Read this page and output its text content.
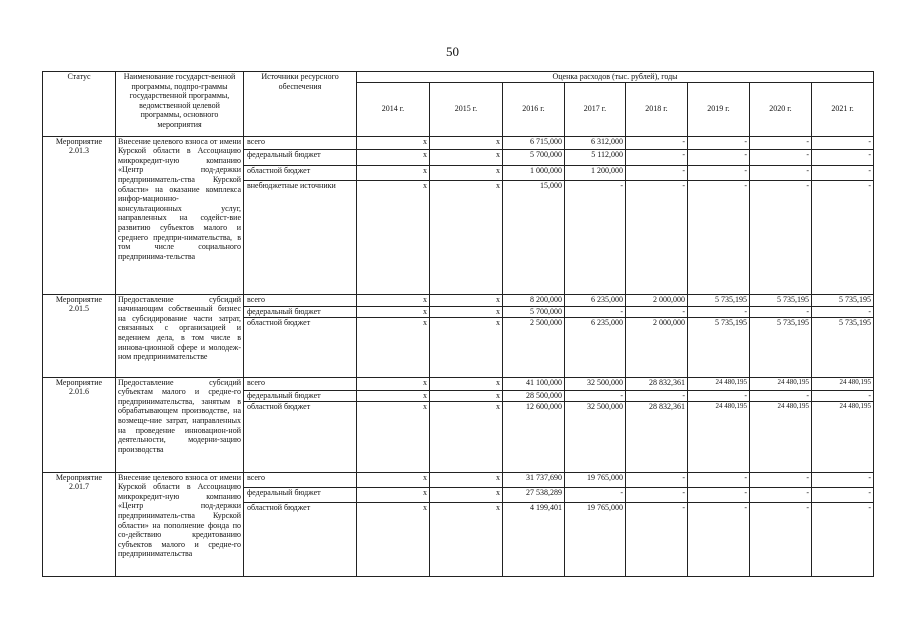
50
Статус	Наименование государст-венной программы, подпро-граммы государственной программы, ведомственной целевой программы, основного мероприятия	Источники ресурсного обеспечения	Оценка расходов (тыс. рублей), годы							
			2014 г.	2015 г.	2016 г.	2017 г.	2018 г.	2019 г.	2020 г.	2021 г.
Мероприятие 2.01.3	Внесение целевого взноса от имени Курской области в Ассоциацию микрокредит-ную компанию «Центр под-держки предприниматель-ства Курской области» на оказание комплекса инфор-мационно-консультационных услуг, направленных на содейст-вие развитию субъектов малого и среднего предпри-нимательства, в том числе социального предпринима-тельства	всего	x	x	6 715,000	6 312,000	-	-	-	-
		федеральный бюджет	x	x	5 700,000	5 112,000	-	-	-	-
		областной бюджет	x	x	1 000,000	1 200,000	-	-	-	-
		внебюджетные источники	x	x	15,000	-	-	-	-	-
Мероприятие 2.01.5	Предоставление субсидий начинающим собственный бизнес на субсидирование части затрат, связанных с организацией и ведением дела, в том числе в иннова-ционной сфере и молодеж-ном предпринимательстве	всего	x	x	8 200,000	6 235,000	2 000,000	5 735,195	5 735,195	5 735,195
		федеральный бюджет	x	x	5 700,000	-	-	-	-	-
		областной бюджет	x	x	2 500,000	6 235,000	2 000,000	5 735,195	5 735,195	5 735,195
Мероприятие 2.01.6	Предоставление субсидий субъектам малого и средне-го предпринимательства, занятым в обрабатывающем производстве, на возмеще-ние затрат, направленных на проведение инновацион-ной деятельности, модерни-зацию производства	всего	x	x	41 100,000	32 500,000	28 832,361	24 480,195	24 480,195	24 480,195
		федеральный бюджет	x	x	28 500,000	-	-	-	-	-
		областной бюджет	x	x	12 600,000	32 500,000	28 832,361	24 480,195	24 480,195	24 480,195
Мероприятие 2.01.7	Внесение целевого взноса от имени Курской области в Ассоциацию микрокредит-ную компанию «Центр под-держки предприниматель-ства Курской области» на пополнение фонда по со-действию кредитованию субъектов малого и средне-го предпринимательства	всего	x	x	31 737,690	19 765,000	-	-	-	-
		федеральный бюджет	x	x	27 538,289	-	-	-	-	-
		областной бюджет	x	x	4 199,401	19 765,000	-	-	-	-
